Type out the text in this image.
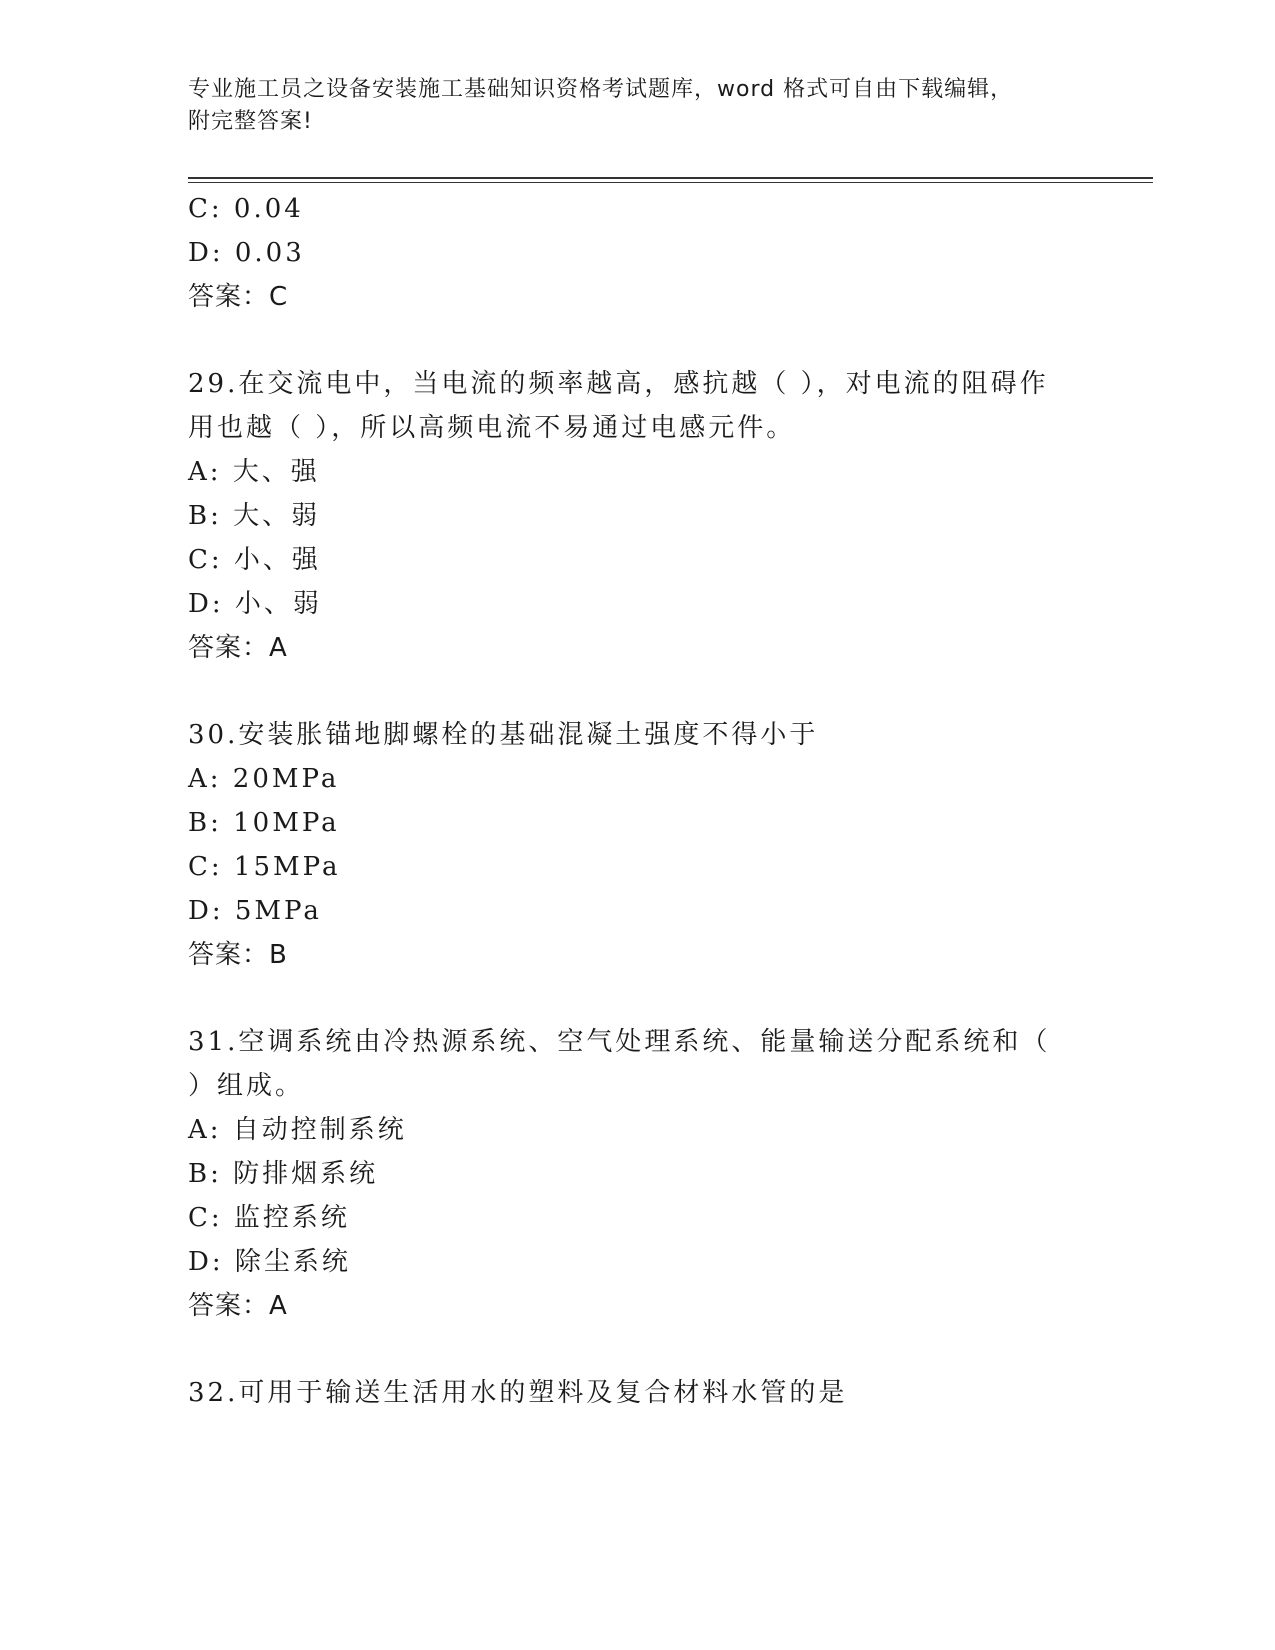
专业施工员之设备安装施工基础知识资格考试题库，word 格式可自由下载编辑，
附完整答案!
C: 0.04
D: 0.03
答案：C
29.在交流电中，当电流的频率越高，感抗越（ ），对电流的阻碍作
用也越（ ），所以高频电流不易通过电感元件。
A: 大、强
B: 大、弱
C: 小、强
D: 小、弱
答案：A
30.安装胀锚地脚螺栓的基础混凝土强度不得小于
A: 20MPa
B: 10MPa
C: 15MPa
D: 5MPa
答案：B
31.空调系统由冷热源系统、空气处理系统、能量输送分配系统和（
）组成。
A: 自动控制系统
B: 防排烟系统
C: 监控系统
D: 除尘系统
答案：A
32.可用于输送生活用水的塑料及复合材料水管的是
